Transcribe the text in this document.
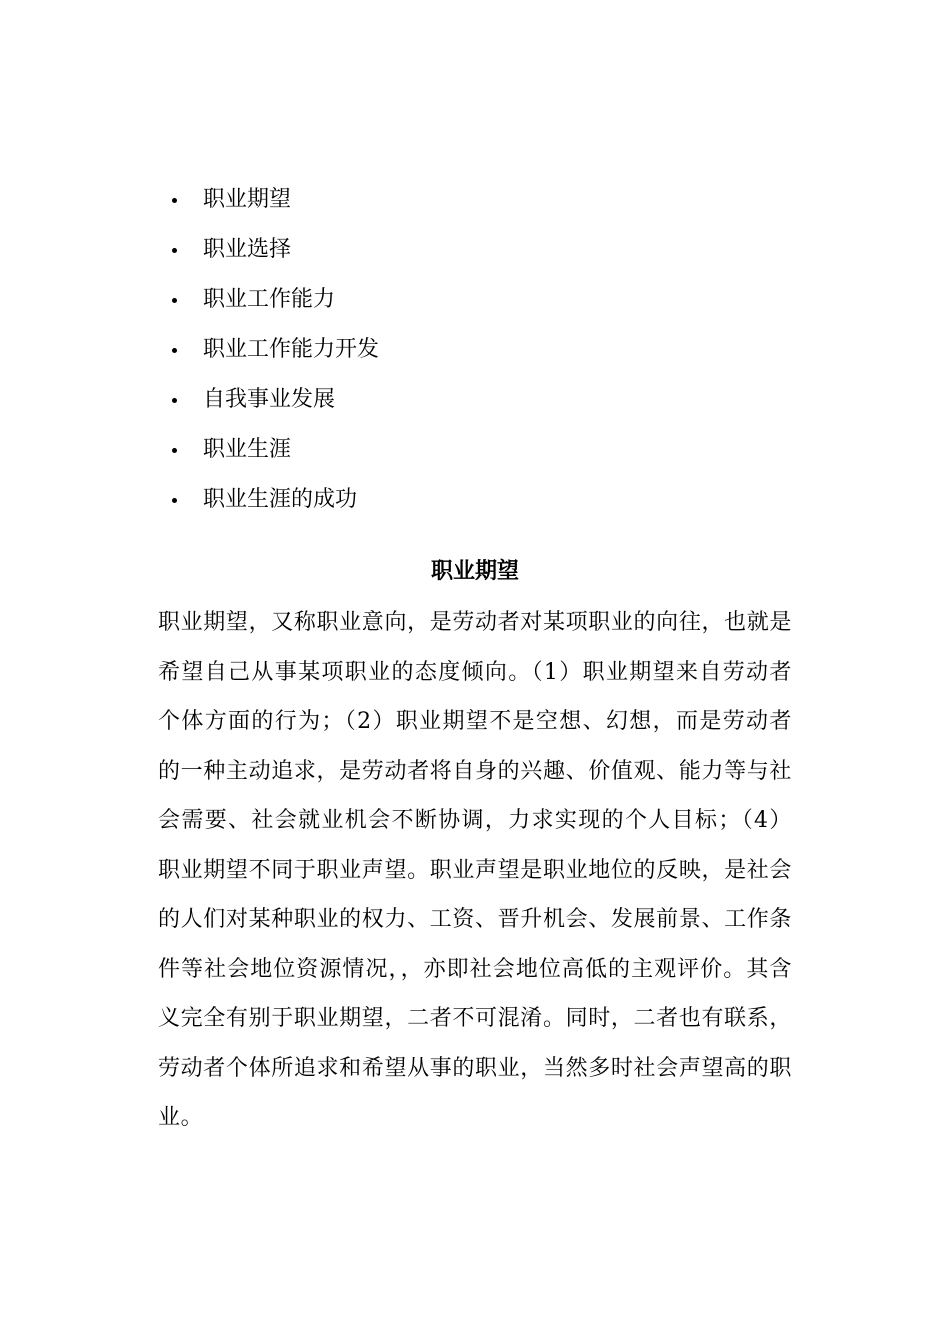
职业期望
职业选择
职业工作能力
职业工作能力开发
自我事业发展
职业生涯
职业生涯的成功
职业期望

职业期望，又称职业意向，是劳动者对某项职业的向往，也就是希望自己从事某项职业的态度倾向。（1）职业期望来自劳动者个体方面的行为；（2）职业期望不是空想、幻想，而是劳动者的一种主动追求，是劳动者将自身的兴趣、价值观、能力等与社会需要、社会就业机会不断协调，力求实现的个人目标；（4）职业期望不同于职业声望。职业声望是职业地位的反映，是社会的人们对某种职业的权力、工资、晋升机会、发展前景、工作条件等社会地位资源情况，，亦即社会地位高低的主观评价。其含义完全有别于职业期望，二者不可混淆。同时，二者也有联系，劳动者个体所追求和希望从事的职业，当然多时社会声望高的职业。
